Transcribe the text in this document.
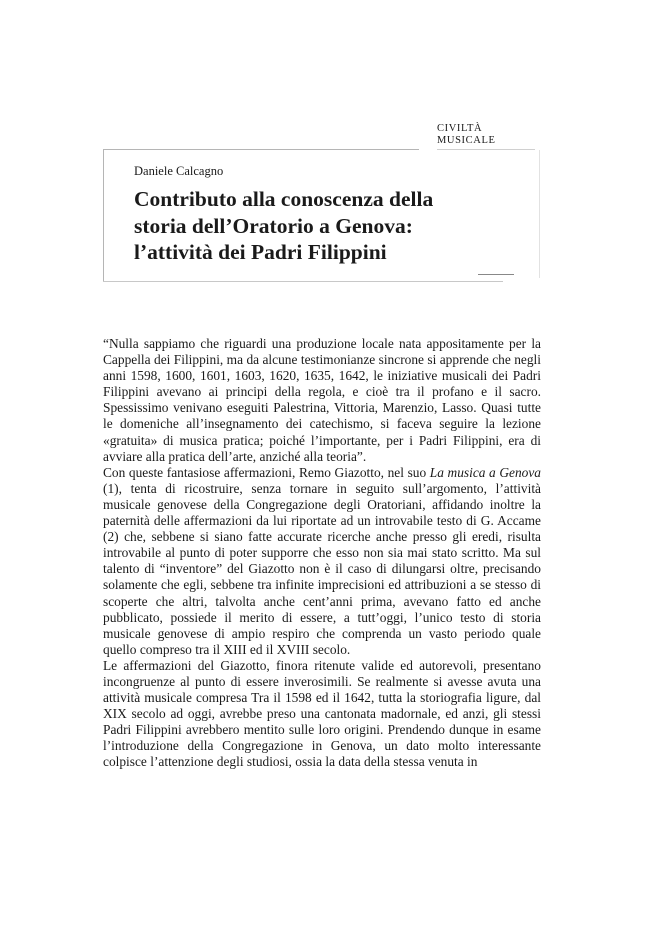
CIVILTÀ
MUSICALE
Daniele Calcagno
Contributo alla conoscenza della
storia dell’Oratorio a Genova:
l’attività dei Padri Filippini

“Nulla sappiamo che riguardi una produzione locale nata appositamente per la Cappella dei Filippini, ma da alcune testimonianze sincrone si apprende che negli anni 1598, 1600, 1601, 1603, 1620, 1635, 1642, le iniziative musicali dei Padri Filippini avevano ai principi della regola, e cioè tra il profano e il sacro. Spessissimo venivano eseguiti Palestrina, Vittoria, Marenzio, Lasso. Quasi tutte le domeniche all’insegnamento dei catechismo, si faceva seguire la lezione «gratuita» di musica pratica; poiché l’importante, per i Padri Filippini, era di avviare alla pratica dell’arte, anziché alla teoria”.

Con queste fantasiose affermazioni, Remo Giazotto, nel suo La musica a Genova (1), tenta di ricostruire, senza tornare in seguito sull’argomento, l’attività musicale genovese della Congregazione degli Oratoriani, affidando inoltre la paternità delle affermazioni da lui riportate ad un introvabile testo di G. Accame (2) che, sebbene si siano fatte accurate ricerche anche presso gli eredi, risulta introvabile al punto di poter supporre che esso non sia mai stato scritto. Ma sul talento di “inventore” del Giazotto non è il caso di dilungarsi oltre, precisando solamente che egli, sebbene tra infinite imprecisioni ed attribuzioni a se stesso di scoperte che altri, talvolta anche cent’anni prima, avevano fatto ed anche pubblicato, possiede il merito di essere, a tutt’oggi, l’unico testo di storia musicale genovese di ampio respiro che comprenda un vasto periodo quale quello compreso tra il XIII ed il XVIII secolo.

Le affermazioni del Giazotto, finora ritenute valide ed autorevoli, presentano incongruenze al punto di essere inverosimili. Se realmente si avesse avuta una attività musicale compresa Tra il 1598 ed il 1642, tutta la storiografia ligure, dal XIX secolo ad oggi, avrebbe preso una cantonata madornale, ed anzi, gli stessi Padri Filippini avrebbero mentito sulle loro origini. Prendendo dunque in esame l’introduzione della Congregazione in Genova, un dato molto interessante colpisce l’attenzione degli studiosi, ossia la data della stessa venuta in
